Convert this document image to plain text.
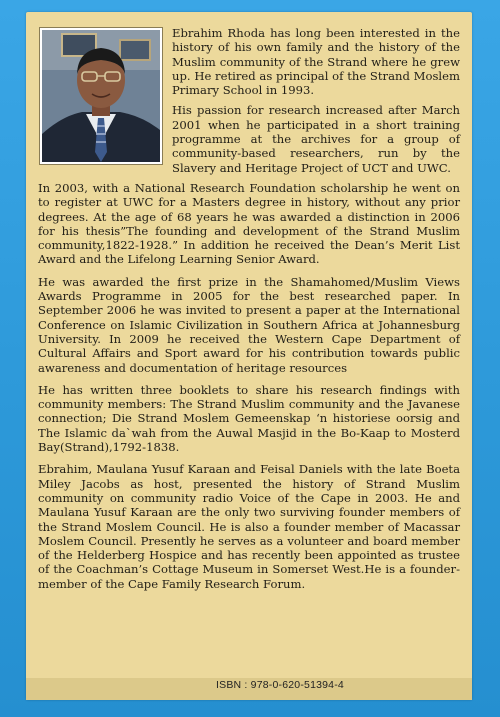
Ebrahim Rhoda has long been interested in the history of his own family and the history of the Muslim community of the Strand where he grew up. He retired as principal of the Strand Moslem Primary School in 1993.

His passion for research increased after March 2001 when he participated in a short training programme at the archives for a group of community-based researchers, run by the Slavery and Heritage Project of UCT and UWC.

In 2003, with a National Research Foundation scholarship he went on to register at UWC for a Masters degree in history, without any prior degrees. At the age of 68 years he was awarded a distinction in 2006 for his thesis”The founding and development of the Strand Muslim community,1822-1928.” In addition he received the Dean’s Merit List Award and the Lifelong Learning Senior Award.

He was awarded the first prize in the Shamahomed/Muslim Views Awards Programme in 2005 for the best researched paper. In September 2006 he was invited to present a paper at the International Conference on Islamic Civilization in Southern Africa at Johannesburg University. In 2009 he received the Western Cape Department of Cultural Affairs and Sport award for his contribution towards public awareness and documentation of heritage resources

He has written three booklets to share his research findings with community members: The Strand Muslim community and the Javanese connection; Die Strand Moslem Gemeenskap ‘n historiese oorsig and The Islamic da`wah from the Auwal Masjid in the Bo-Kaap to Mosterd Bay(Strand),1792-1838.

Ebrahim, Maulana Yusuf Karaan and Feisal Daniels with the late Boeta Miley Jacobs as host, presented the history of Strand Muslim community on community radio Voice of the Cape in 2003. He and Maulana Yusuf Karaan are the only two surviving founder members of the Strand Moslem Council. He is also a founder member of Macassar Moslem Council. Presently he serves as a volunteer and board member of the Helderberg Hospice and has recently been appointed as trustee of the Coachman’s Cottage Museum in Somerset West.He is a founder-member of the Cape Family Research Forum.

ISBN : 978-0-620-51394-4
